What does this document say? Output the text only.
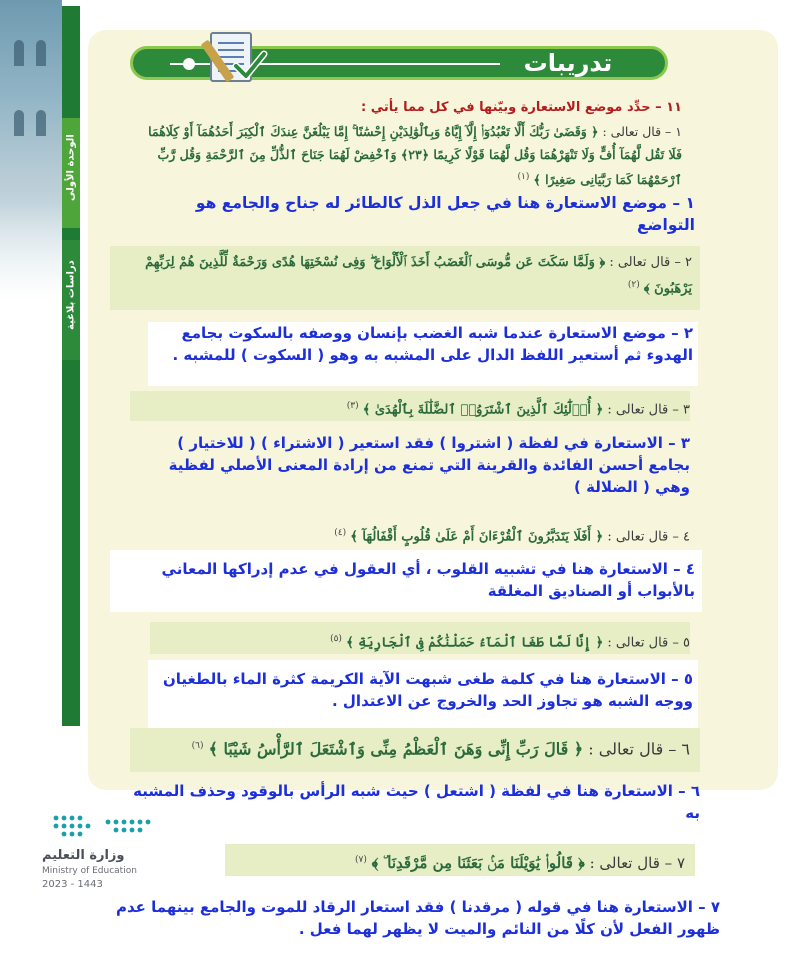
الوحدة الأولى
دراسات بلاغية
تدريبات
١١ – حدِّد موضع الاستعارة وبيّنها في كل مما يأتي :
١ – قال تعالى : ﴿ وَقَضَىٰ رَبُّكَ أَلَّا تَعْبُدُوٓا۟ إِلَّآ إِيَّاهُ وَبِٱلْوَٰلِدَيْنِ إِحْسَٰنًا ۚ إِمَّا يَبْلُغَنَّ عِندَكَ ٱلْكِبَرَ أَحَدُهُمَآ أَوْ كِلَاهُمَا فَلَا تَقُل لَّهُمَآ أُفٍّ وَلَا تَنْهَرْهُمَا وَقُل لَّهُمَا قَوْلًا كَرِيمًا ﴿٢٣﴾ وَٱخْفِضْ لَهُمَا جَنَاحَ ٱلذُّلِّ مِنَ ٱلرَّحْمَةِ وَقُل رَّبِّ ٱرْحَمْهُمَا كَمَا رَبَّيَانِى صَغِيرًا ﴾ $^{(١)}$
١ – موضع الاستعارة هنا في جعل الذل كالطائر له جناح والجامع هو التواضع
٢ – قال تعالى : ﴿ وَلَمَّا سَكَتَ عَن مُّوسَى ٱلْغَضَبُ أَخَذَ ٱلْأَلْوَاحَ ۖ وَفِى نُسْخَتِهَا هُدًى وَرَحْمَةٌ لِّلَّذِينَ هُمْ لِرَبِّهِمْ يَرْهَبُونَ ﴾ $^{(٢)}$
٢ – موضع الاستعارة عندما شبه الغضب بإنسان ووصفه بالسكوت بجامع الهدوء ثم أستعير اللفظ الدال على المشبه به وهو ( السكوت ) للمشبه .
٣ – قال تعالى : ﴿ أُو۟لَٰٓئِكَ ٱلَّذِينَ ٱشْتَرَوُا۟ ٱلضَّلَٰلَةَ بِٱلْهُدَىٰ ﴾ $^{(٣)}$
٣ – الاستعارة في لفظة ( اشتروا ) فقد استعير ( الاشتراء ) ( للاختيار ) بجامع أحسن الفائدة والقرينة التي تمنع من إرادة المعنى الأصلي لفظية وهي ( الضلالة )
٤ – قال تعالى : ﴿ أَفَلَا يَتَدَبَّرُونَ ٱلْقُرْءَانَ أَمْ عَلَىٰ قُلُوبٍ أَقْفَالُهَآ ﴾ $^{(٤)}$
٤ – الاستعارة هنا في تشبيه القلوب ، أي العقول في عدم إدراكها المعاني بالأبواب أو الصناديق المغلقة
٥ – قال تعالى : ﴿ إِنَّا لَمَّا طَغَا ٱلْمَآءُ حَمَلْنَٰكُمْ فِى ٱلْجَارِيَةِ ﴾ $^{(٥)}$
٥ – الاستعارة هنا في كلمة طغى شبهت الآية الكريمة كثرة الماء بالطغيان ووجه الشبه هو تجاوز الحد والخروج عن الاعتدال .
٦ – قال تعالى : ﴿ قَالَ رَبِّ إِنِّى وَهَنَ ٱلْعَظْمُ مِنِّى وَٱشْتَعَلَ ٱلرَّأْسُ شَيْبًا ﴾ $^{(٦)}$
٦ – الاستعارة هنا في لفظة ( اشتعل ) حيث شبه الرأس بالوقود وحذف المشبه به
وزارة التعليم
Ministry of Education
2023 - 1443
٧ – قال تعالى : ﴿ قَالُوا۟ يَٰوَيْلَنَا مَنۢ بَعَثَنَا مِن مَّرْقَدِنَا ۜ ﴾ $^{(٧)}$
٧ – الاستعارة هنا في قوله ( مرقدنا ) فقد استعار الرقاد للموت والجامع بينهما عدم ظهور الفعل لأن كلًا من النائم والميت لا يظهر لهما فعل .
